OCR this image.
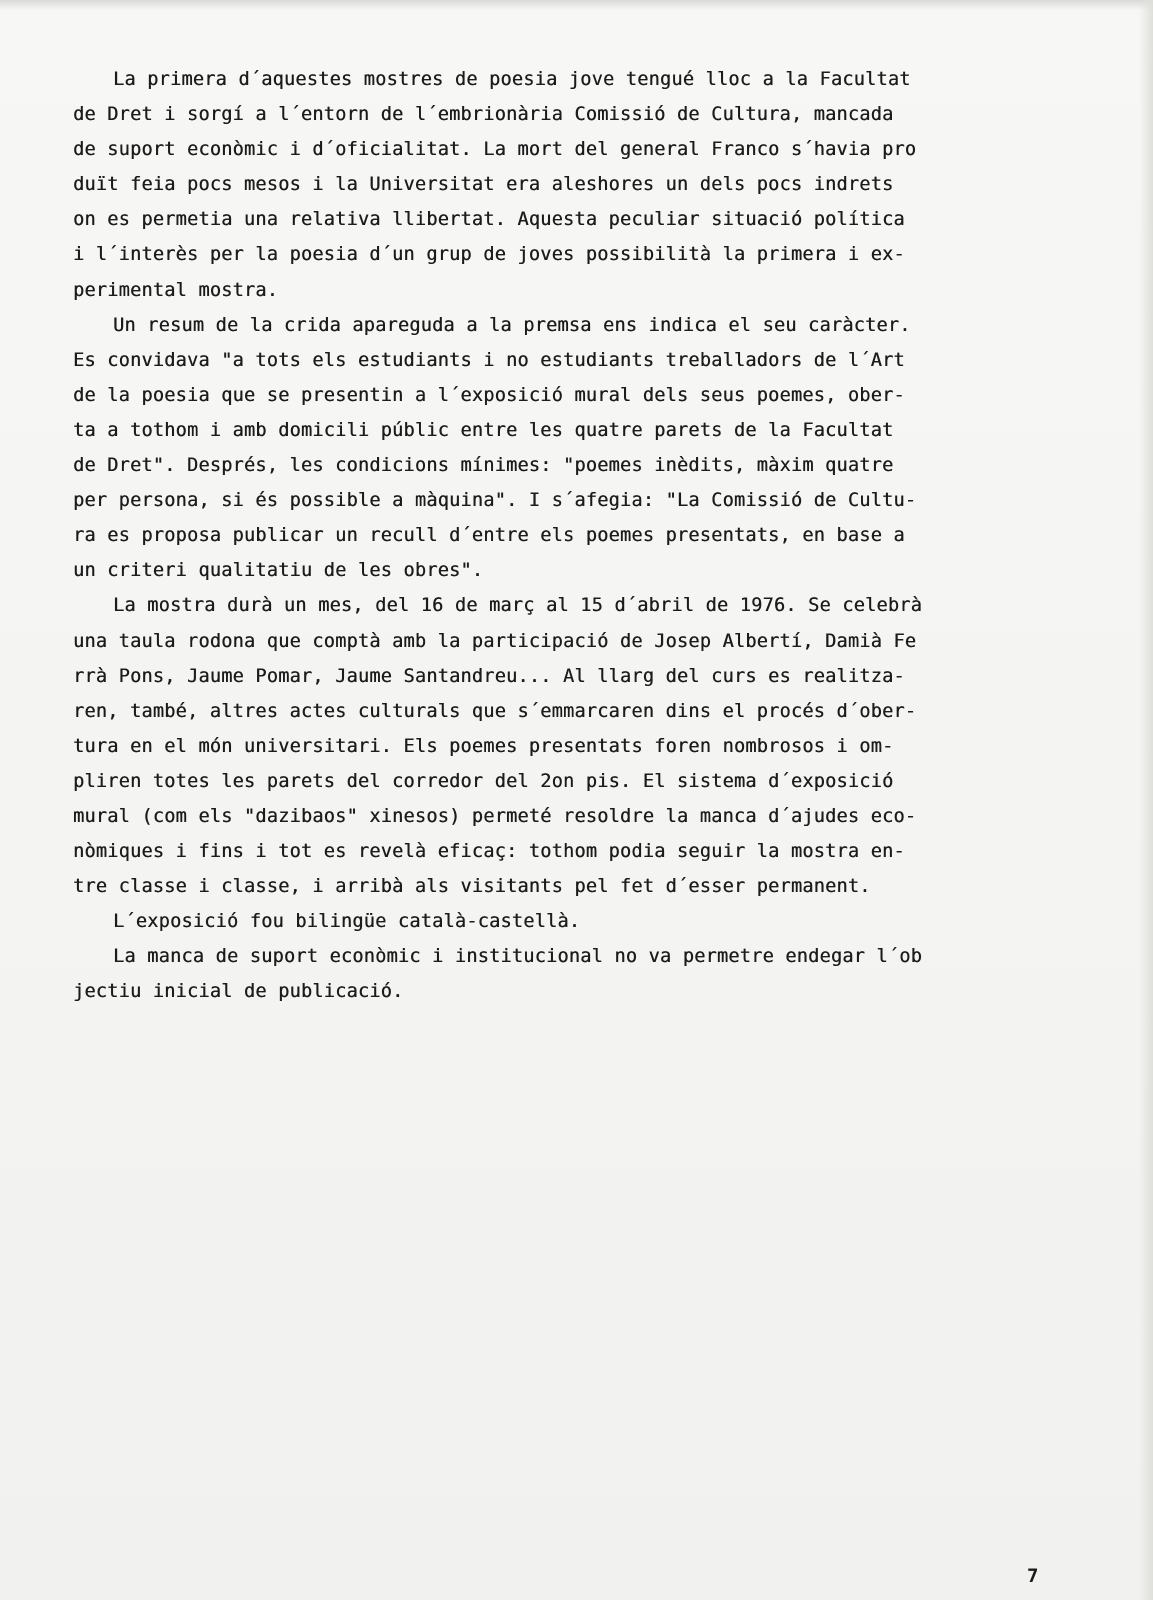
La primera d´aquestes mostres de poesia jove tengué lloc a la Facultat
de Dret i sorgí a l´entorn de l´embrionària Comissió de Cultura, mancada
de suport econòmic i d´oficialitat. La mort del general Franco s´havia pro
duït feia pocs mesos i la Universitat era aleshores un dels pocs indrets
on es permetia una relativa llibertat. Aquesta peculiar situació política
i l´interès per la poesia d´un grup de joves possibilità la primera i ex-
perimental mostra.
Un resum de la crida apareguda a la premsa ens indica el seu caràcter.
Es convidava "a tots els estudiants i no estudiants treballadors de l´Art
de la poesia que se presentin a l´exposició mural dels seus poemes, ober-
ta a tothom i amb domicili públic entre les quatre parets de la Facultat
de Dret". Després, les condicions mínimes: "poemes inèdits, màxim quatre
per persona, si és possible a màquina". I s´afegia: "La Comissió de Cultu-
ra es proposa publicar un recull d´entre els poemes presentats, en base a
un criteri qualitatiu de les obres".
La mostra durà un mes, del 16 de març al 15 d´abril de 1976. Se celebrà
una taula rodona que comptà amb la participació de Josep Albertí, Damià Fe
rrà Pons, Jaume Pomar, Jaume Santandreu... Al llarg del curs es realitza-
ren, també, altres actes culturals que s´emmarcaren dins el procés d´ober-
tura en el món universitari. Els poemes presentats foren nombrosos i om-
pliren totes les parets del corredor del 2on pis. El sistema d´exposició
mural (com els "dazibaos" xinesos) permeté resoldre la manca d´ajudes eco-
nòmiques i fins i tot es revelà eficaç: tothom podia seguir la mostra en-
tre classe i classe, i arribà als visitants pel fet d´esser permanent.
L´exposició fou bilingüe català-castellà.
La manca de suport econòmic i institucional no va permetre endegar l´ob
jectiu inicial de publicació.
7
